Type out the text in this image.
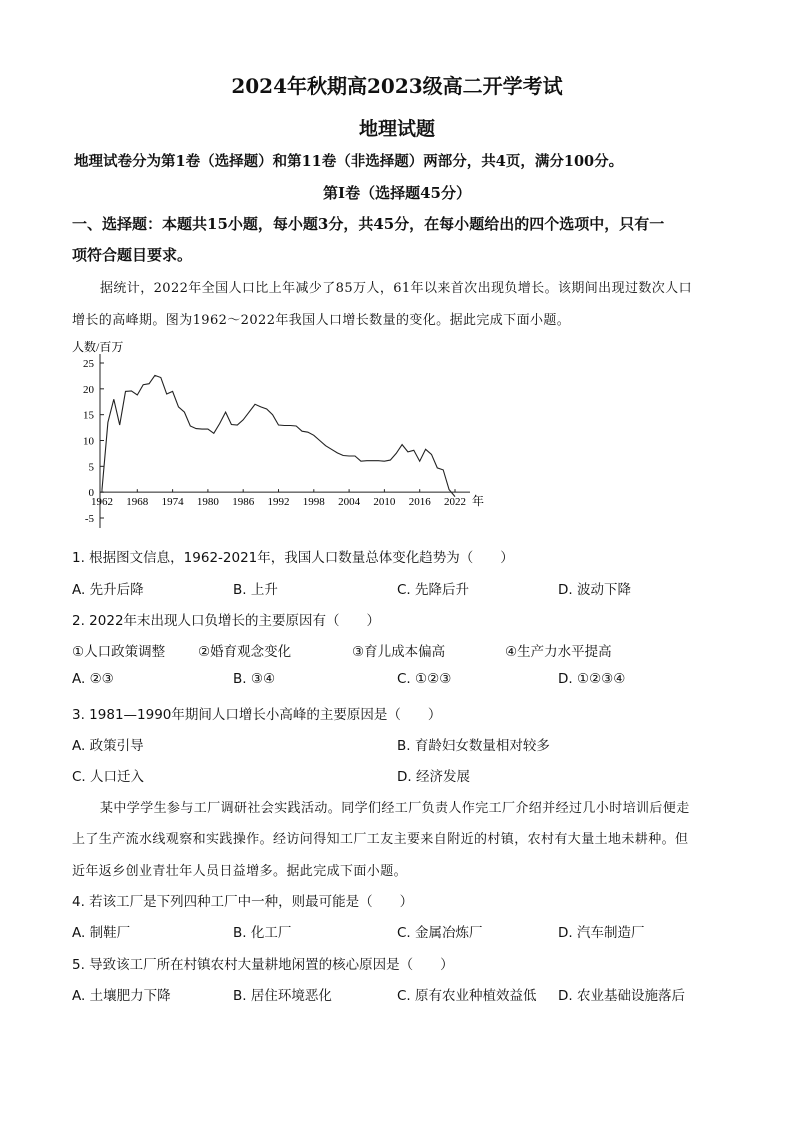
2024年秋期高2023级高二开学考试
地理试题
地理试卷分为第1卷（选择题）和第11卷（非选择题）两部分，共4页，满分100分。
第I卷（选择题45分）
一、选择题：本题共15小题，每小题3分，共45分，在每小题给出的四个选项中，只有一
项符合题目要求。
据统计，2022年全国人口比上年减少了85万人，61年以来首次出现负增长。该期间出现过数次人口
增长的高峰期。图为1962～2022年我国人口增长数量的变化。据此完成下面小题。
人数/百万
25
20
15
10
5
0
-5
1962 1968 1974 1980 1986 1992 1998 2004 2010 2016 2022 年
1. 根据图文信息，1962-2021年，我国人口数量总体变化趋势为（　　）
A. 先升后降	B. 上升	C. 先降后升	D. 波动下降
2. 2022年末出现人口负增长的主要原因有（　　）
①人口政策调整 ②婚育观念变化	③育儿成本偏高	④生产力水平提高
A. ②③	B. ③④	C. ①②③	D. ①②③④
3. 1981—1990年期间人口增长小高峰的主要原因是（　　）
A. 政策引导	B. 育龄妇女数量相对较多
C. 人口迁入	D. 经济发展
某中学学生参与工厂调研社会实践活动。同学们经工厂负责人作完工厂介绍并经过几小时培训后便走
上了生产流水线观察和实践操作。经访问得知工厂工友主要来自附近的村镇，农村有大量土地未耕种。但
近年返乡创业青壮年人员日益增多。据此完成下面小题。
4. 若该工厂是下列四种工厂中一种，则最可能是（　　）
A. 制鞋厂	B. 化工厂	C. 金属冶炼厂	D. 汽车制造厂
5. 导致该工厂所在村镇农村大量耕地闲置的核心原因是（　　）
A. 土壤肥力下降	B. 居住环境恶化	C. 原有农业种植效益低 D. 农业基础设施落后
